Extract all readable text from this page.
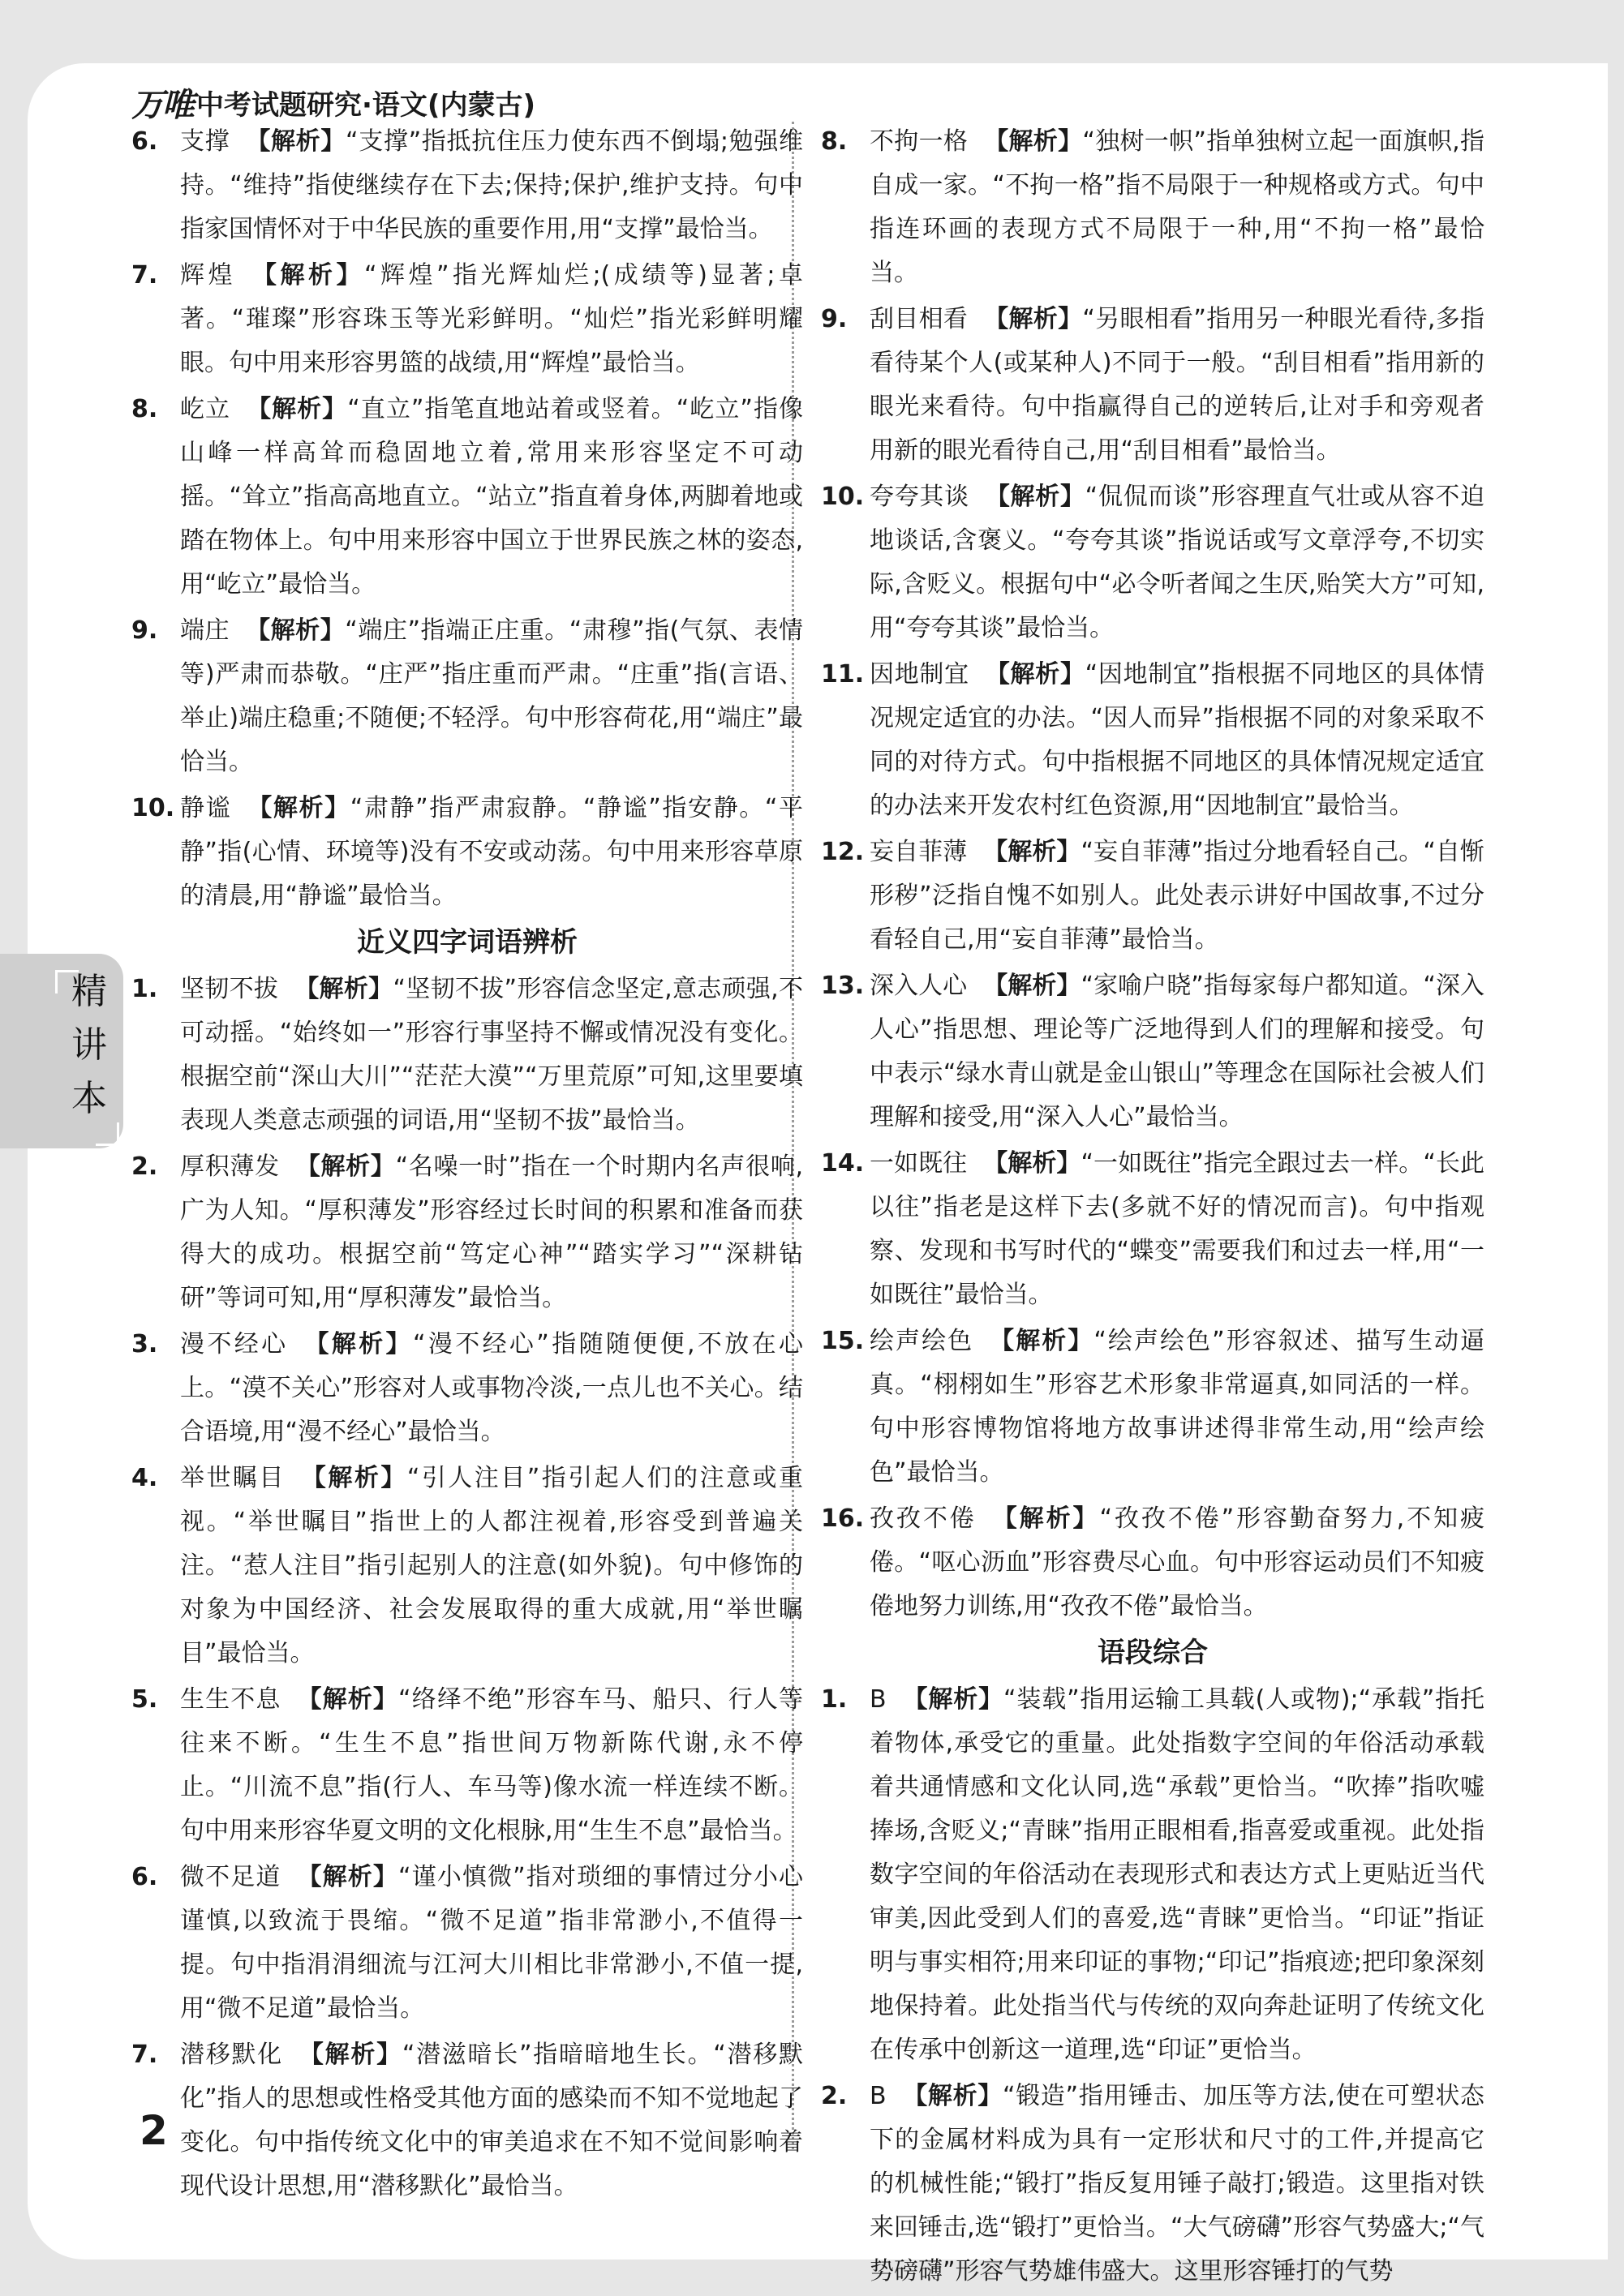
万唯 中考试题研究·语文(内蒙古)
6. 支撑 【解析】“支撑”指抵抗住压力使东西不倒塌;勉强维持。“维持”指使继续存在下去;保持;保护,维护支持。句中指家国情怀对于中华民族的重要作用,用“支撑”最恰当。
7. 辉煌 【解析】“辉煌”指光辉灿烂;(成绩等)显著;卓著。“璀璨”形容珠玉等光彩鲜明。“灿烂”指光彩鲜明耀眼。句中用来形容男篮的战绩,用“辉煌”最恰当。
8. 屹立 【解析】“直立”指笔直地站着或竖着。“屹立”指像山峰一样高耸而稳固地立着,常用来形容坚定不可动摇。“耸立”指高高地直立。“站立”指直着身体,两脚着地或踏在物体上。句中用来形容中国立于世界民族之林的姿态,用“屹立”最恰当。
9. 端庄 【解析】“端庄”指端正庄重。“肃穆”指(气氛、表情等)严肃而恭敬。“庄严”指庄重而严肃。“庄重”指(言语、举止)端庄稳重;不随便;不轻浮。句中形容荷花,用“端庄”最恰当。
10. 静谧 【解析】“肃静”指严肃寂静。“静谧”指安静。“平静”指(心情、环境等)没有不安或动荡。句中用来形容草原的清晨,用“静谧”最恰当。
近义四字词语辨析
1. 坚韧不拔 【解析】“坚韧不拔”形容信念坚定,意志顽强,不可动摇。“始终如一”形容行事坚持不懈或情况没有变化。根据空前“深山大川”“茫茫大漠”“万里荒原”可知,这里要填表现人类意志顽强的词语,用“坚韧不拔”最恰当。
2. 厚积薄发 【解析】“名噪一时”指在一个时期内名声很响,广为人知。“厚积薄发”形容经过长时间的积累和准备而获得大的成功。根据空前“笃定心神”“踏实学习”“深耕钻研”等词可知,用“厚积薄发”最恰当。
3. 漫不经心 【解析】“漫不经心”指随随便便,不放在心上。“漠不关心”形容对人或事物冷淡,一点儿也不关心。结合语境,用“漫不经心”最恰当。
4. 举世瞩目 【解析】“引人注目”指引起人们的注意或重视。“举世瞩目”指世上的人都注视着,形容受到普遍关注。“惹人注目”指引起别人的注意(如外貌)。句中修饰的对象为中国经济、社会发展取得的重大成就,用“举世瞩目”最恰当。
5. 生生不息 【解析】“络绎不绝”形容车马、船只、行人等往来不断。“生生不息”指世间万物新陈代谢,永不停止。“川流不息”指(行人、车马等)像水流一样连续不断。句中用来形容华夏文明的文化根脉,用“生生不息”最恰当。
6. 微不足道 【解析】“谨小慎微”指对琐细的事情过分小心谨慎,以致流于畏缩。“微不足道”指非常渺小,不值得一提。句中指涓涓细流与江河大川相比非常渺小,不值一提,用“微不足道”最恰当。
7. 潜移默化 【解析】“潜滋暗长”指暗暗地生长。“潜移默化”指人的思想或性格受其他方面的感染而不知不觉地起了变化。句中指传统文化中的审美追求在不知不觉间影响着现代设计思想,用“潜移默化”最恰当。
8. 不拘一格 【解析】“独树一帜”指单独树立起一面旗帜,指自成一家。“不拘一格”指不局限于一种规格或方式。句中指连环画的表现方式不局限于一种,用“不拘一格”最恰当。
9. 刮目相看 【解析】“另眼相看”指用另一种眼光看待,多指看待某个人(或某种人)不同于一般。“刮目相看”指用新的眼光来看待。句中指赢得自己的逆转后,让对手和旁观者用新的眼光看待自己,用“刮目相看”最恰当。
10. 夸夸其谈 【解析】“侃侃而谈”形容理直气壮或从容不迫地谈话,含褒义。“夸夸其谈”指说话或写文章浮夸,不切实际,含贬义。根据句中“必令听者闻之生厌,贻笑大方”可知,用“夸夸其谈”最恰当。
11. 因地制宜 【解析】“因地制宜”指根据不同地区的具体情况规定适宜的办法。“因人而异”指根据不同的对象采取不同的对待方式。句中指根据不同地区的具体情况规定适宜的办法来开发农村红色资源,用“因地制宜”最恰当。
12. 妄自菲薄 【解析】“妄自菲薄”指过分地看轻自己。“自惭形秽”泛指自愧不如别人。此处表示讲好中国故事,不过分看轻自己,用“妄自菲薄”最恰当。
13. 深入人心 【解析】“家喻户晓”指每家每户都知道。“深入人心”指思想、理论等广泛地得到人们的理解和接受。句中表示“绿水青山就是金山银山”等理念在国际社会被人们理解和接受,用“深入人心”最恰当。
14. 一如既往 【解析】“一如既往”指完全跟过去一样。“长此以往”指老是这样下去(多就不好的情况而言)。句中指观察、发现和书写时代的“蝶变”需要我们和过去一样,用“一如既往”最恰当。
15. 绘声绘色 【解析】“绘声绘色”形容叙述、描写生动逼真。“栩栩如生”形容艺术形象非常逼真,如同活的一样。句中形容博物馆将地方故事讲述得非常生动,用“绘声绘色”最恰当。
16. 孜孜不倦 【解析】“孜孜不倦”形容勤奋努力,不知疲倦。“呕心沥血”形容费尽心血。句中形容运动员们不知疲倦地努力训练,用“孜孜不倦”最恰当。
语段综合
1. B 【解析】“装载”指用运输工具载(人或物);“承载”指托着物体,承受它的重量。此处指数字空间的年俗活动承载着共通情感和文化认同,选“承载”更恰当。“吹捧”指吹嘘捧场,含贬义;“青睐”指用正眼相看,指喜爱或重视。此处指数字空间的年俗活动在表现形式和表达方式上更贴近当代审美,因此受到人们的喜爱,选“青睐”更恰当。“印证”指证明与事实相符;用来印证的事物;“印记”指痕迹;把印象深刻地保持着。此处指当代与传统的双向奔赴证明了传统文化在传承中创新这一道理,选“印证”更恰当。
2. B 【解析】“锻造”指用锤击、加压等方法,使在可塑状态下的金属材料成为具有一定形状和尺寸的工件,并提高它的机械性能;“锻打”指反复用锤子敲打;锻造。这里指对铁来回锤击,选“锻打”更恰当。“大气磅礴”形容气势盛大;“气势磅礴”形容气势雄伟盛大。这里形容锤打的气势
精
讲
本
2
